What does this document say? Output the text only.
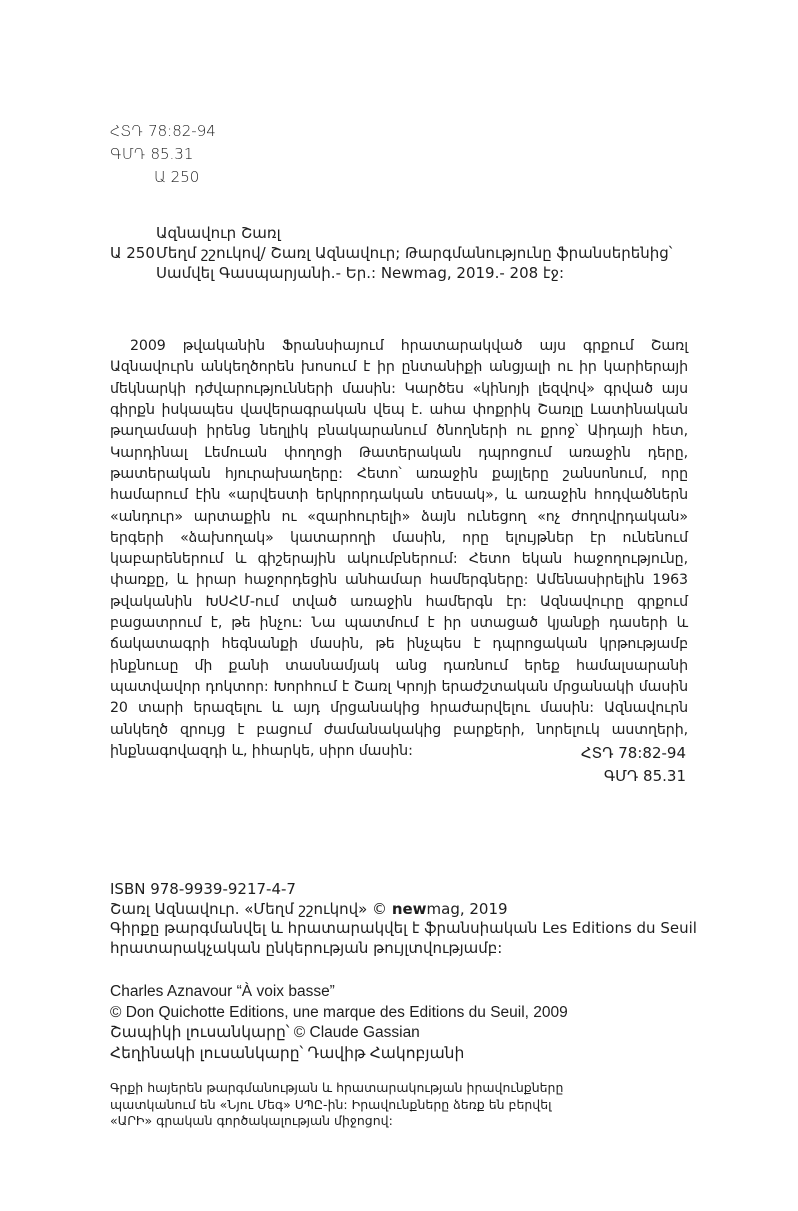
ՀՏԴ 78:82-94
ԳՄԴ 85.31
Ա 250
Ազնավուր Շառլ
Ա 250 Մեղմ շշուկով/ Շառլ Ազնավուր; Թարգմանությունը ֆրանսերենից՝
Սամվել Գասպարյանի.- Եր.: Newmag, 2019.- 208 էջ:

2009 թվականին Ֆրանսիայում հրատարակված այս գրքում Շառլ Ազնավուրն անկեղծորեն խոսում է իր ընտանիքի անցյալի ու իր կարիերայի մեկնարկի դժվարությունների մասին: Կարծես «կինոյի լեզվով» գրված այս գիրքն իսկապես վավերագրական վեպ է. ահա փոքրիկ Շառլը Լատինական թաղամասի իրենց նեղլիկ բնակարանում ծնողների ու քրոջ՝ Աիդայի հետ, Կարդինալ Լեմուան փողոցի Թատերական դպրոցում առաջին դերը, թատերական հյուրախաղերը: Հետո՝ առաջին քայլերը շանսոնում, որը համարում էին «արվեստի երկրորդական տեսակ», և առաջին հոդվածներն «անդուր» արտաքին ու «զարհուրելի» ձայն ունեցող «ոչ ժողովրդական» երգերի «ձախողակ» կատարողի մասին, որը ելույթներ էր ունենում կաբարեներում և գիշերային ակումբներում: Հետո եկան հաջողությունը, փառքը, և իրար հաջորդեցին անհամար համերգները: Ամենասիրելին 1963 թվականին ԽՍՀՄ-ում տված առաջին համերգն էր: Ազնավուրը գրքում բացատրում է, թե ինչու: Նա պատմում է իր ստացած կյանքի դասերի և ճակատագրի հեգնանքի մասին, թե ինչպես է դպրոցական կրթությամբ ինքնուսը մի քանի տասնամյակ անց դառնում երեք համալսարանի պատվավոր դոկտոր: Խորհում է Շառլ Կրոյի երաժշտական մրցանակի մասին 20 տարի երազելու և այդ մրցանակից հրաժարվելու մասին: Ազնավուրն անկեղծ զրույց է բացում ժամանակակից բարքերի, նորելուկ աստղերի, ինքնագովազդի և, իհարկե, սիրո մասին:	ՀՏԴ 78:82-94
ԳՄԴ 85.31
ISBN 978-9939-9217-4-7
Շառլ Ազնավուր. «Մեղմ շշուկով» © newmag, 2019
Գիրքը թարգմանվել և հրատարակվել է ֆրանսիական Les Editions du Seuil
հրատարակչական ընկերության թույլտվությամբ:
Charles Aznavour “À voix basse”
© Don Quichotte Editions, une marque des Editions du Seuil, 2009
Շապիկի լուսանկարը՝ © Claude Gassian
Հեղինակի լուսանկարը՝ Դավիթ Հակոբյանի
Գրքի հայերեն թարգմանության և հրատարակության իրավունքները
պատկանում են «Նյու Մեգ» ՍՊԸ-ին: Իրավունքները ձեռք են բերվել
«ԱՐԻ» գրական գործակալության միջոցով:
